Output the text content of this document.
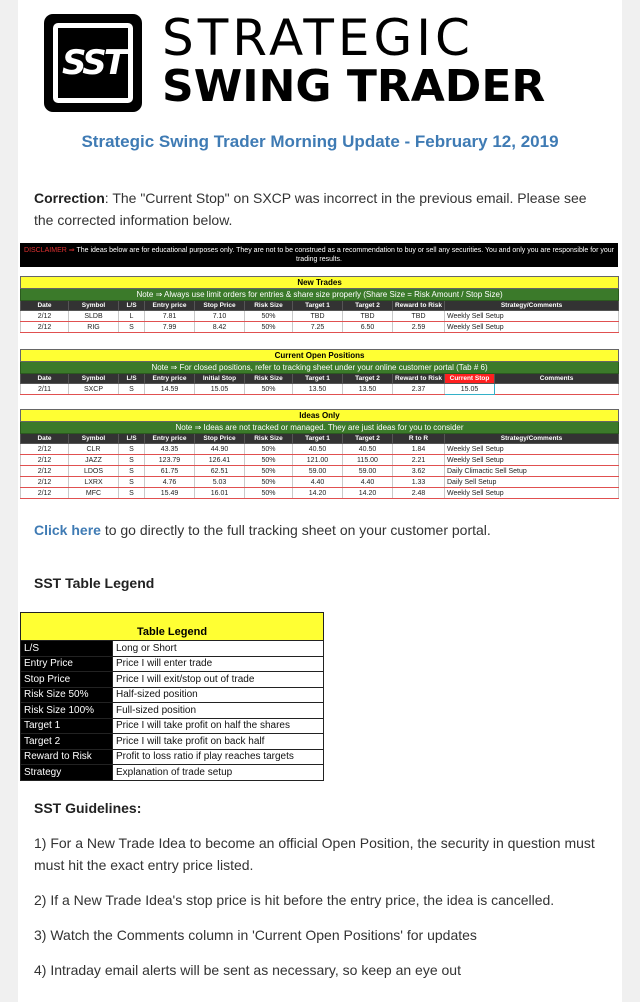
SST STRATEGIC
SWING TRADER
Strategic Swing Trader Morning Update - February 12, 2019
Correction: The "Current Stop" on SXCP was incorrect in the previous email. Please see the corrected information below.
DISCLAIMER ⇒ The ideas below are for educational purposes only. They are not to be construed as a recommendation to buy or sell any securities. You and only you are responsible for your trading results.
New Trades									
Note ⇒ Always use limit orders for entries & share size properly (Share Size = Risk Amount / Stop Size)									
Date	Symbol	L/S	Entry price	Stop Price	Risk Size	Target 1	Target 2	Reward to Risk	Strategy/Comments
2/12	SLDB	L	7.81	7.10	50%	TBD	TBD	TBD	Weekly Sell Setup
2/12	RIG	S	7.99	8.42	50%	7.25	6.50	2.59	Weekly Sell Setup
Current Open Positions										
Note ⇒ For closed positions, refer to tracking sheet under your online customer portal (Tab # 6)										
Date	Symbol	L/S	Entry price	Initial Stop	Risk Size	Target 1	Target 2	Reward to Risk	Current Stop	Comments
2/11	SXCP	S	14.59	15.05	50%	13.50	13.50	2.37	15.05	
Ideas Only									
Note ⇒ Ideas are not tracked or managed. They are just ideas for you to consider									
Date	Symbol	L/S	Entry price	Stop Price	Risk Size	Target 1	Target 2	R to R	Strategy/Comments
2/12	CLR	S	43.35	44.90	50%	40.50	40.50	1.84	Weekly Sell Setup
2/12	JAZZ	S	123.79	126.41	50%	121.00	115.00	2.21	Weekly Sell Setup
2/12	LDOS	S	61.75	62.51	50%	59.00	59.00	3.62	Daily Climactic Sell Setup
2/12	LXRX	S	4.76	5.03	50%	4.40	4.40	1.33	Daily Sell Setup
2/12	MFC	S	15.49	16.01	50%	14.20	14.20	2.48	Weekly Sell Setup
Click here to go directly to the full tracking sheet on your customer portal.
SST Table Legend
Table Legend	
L/S	Long or Short
Entry Price	Price I will enter trade
Stop Price	Price I will exit/stop out of trade
Risk Size 50%	Half-sized position
Risk Size 100%	Full-sized position
Target 1	Price I will take profit on half the shares
Target 2	Price I will take profit on back half
Reward to Risk	Profit to loss ratio if play reaches targets
Strategy	Explanation of trade setup
SST Guidelines:
1) For a New Trade Idea to become an official Open Position, the security in question must must hit the exact entry price listed.
2) If a New Trade Idea's stop price is hit before the entry price, the idea is cancelled.
3) Watch the Comments column in 'Current Open Positions' for updates
4) Intraday email alerts will be sent as necessary, so keep an eye out
